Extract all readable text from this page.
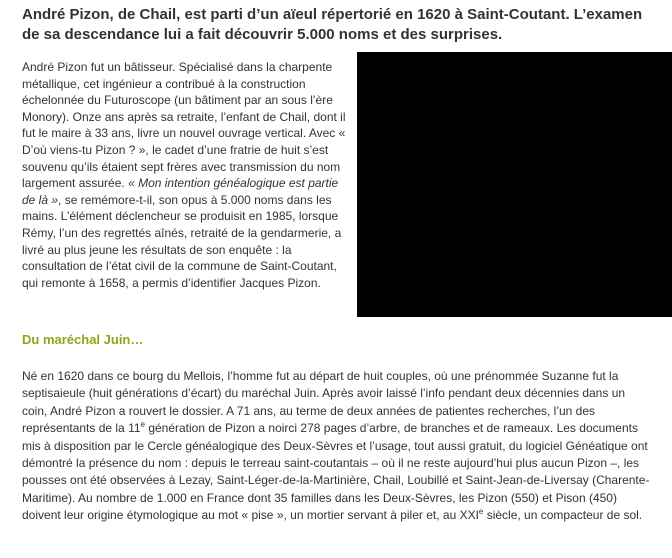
André Pizon, de Chail, est parti d’un aïeul répertorié en 1620 à Saint-Coutant. L’examen de sa descendance lui a fait découvrir 5.000 noms et des surprises.

André Pizon fut un bâtisseur. Spécialisé dans la charpente métallique, cet ingénieur a contribué à la construction échelonnée du Futuroscope (un bâtiment par an sous l’ère Monory). Onze ans après sa retraite, l’enfant de Chail, dont il fut le maire à 33 ans, livre un nouvel ouvrage vertical. Avec « D’où viens-tu Pizon ? », le cadet d’une fratrie de huit s’est souvenu qu’ils étaient sept frères avec transmission du nom largement assurée. « Mon intention généalogique est partie de là », se remémore-t-il, son opus à 5.000 noms dans les mains. L’élément déclencheur se produisit en 1985, lorsque Rémy, l’un des regrettés aînés, retraité de la gendarmerie, a livré au plus jeune les résultats de son enquête : la consultation de l’état civil de la commune de Saint-Coutant, qui remonte à 1658, a permis d’identifier Jacques Pizon.

Du maréchal Juin…

Né en 1620 dans ce bourg du Mellois, l’homme fut au départ de huit couples, où une prénommée Suzanne fut la septisaieule (huit générations d’écart) du maréchal Juin. Après avoir laissé l’info pendant deux décennies dans un coin, André Pizon a rouvert le dossier. A 71 ans, au terme de deux années de patientes recherches, l’un des représentants de la 11e génération de Pizon a noirci 278 pages d’arbre, de branches et de rameaux. Les documents mis à disposition par le Cercle généalogique des Deux-Sèvres et l’usage, tout aussi gratuit, du logiciel Généatique ont démontré la présence du nom : depuis le terreau saint-coutantais – où il ne reste aujourd’hui plus aucun Pizon –, les pousses ont été observées à Lezay, Saint-Léger-de-la-Martinière, Chail, Loubillé et Saint-Jean-de-Liversay (Charente-Maritime). Au nombre de 1.000 en France dont 35 familles dans les Deux-Sèvres, les Pizon (550) et Pison (450) doivent leur origine étymologique au mot « pise », un mortier servant à piler et, au XXIe siècle, un compacteur de sol.
